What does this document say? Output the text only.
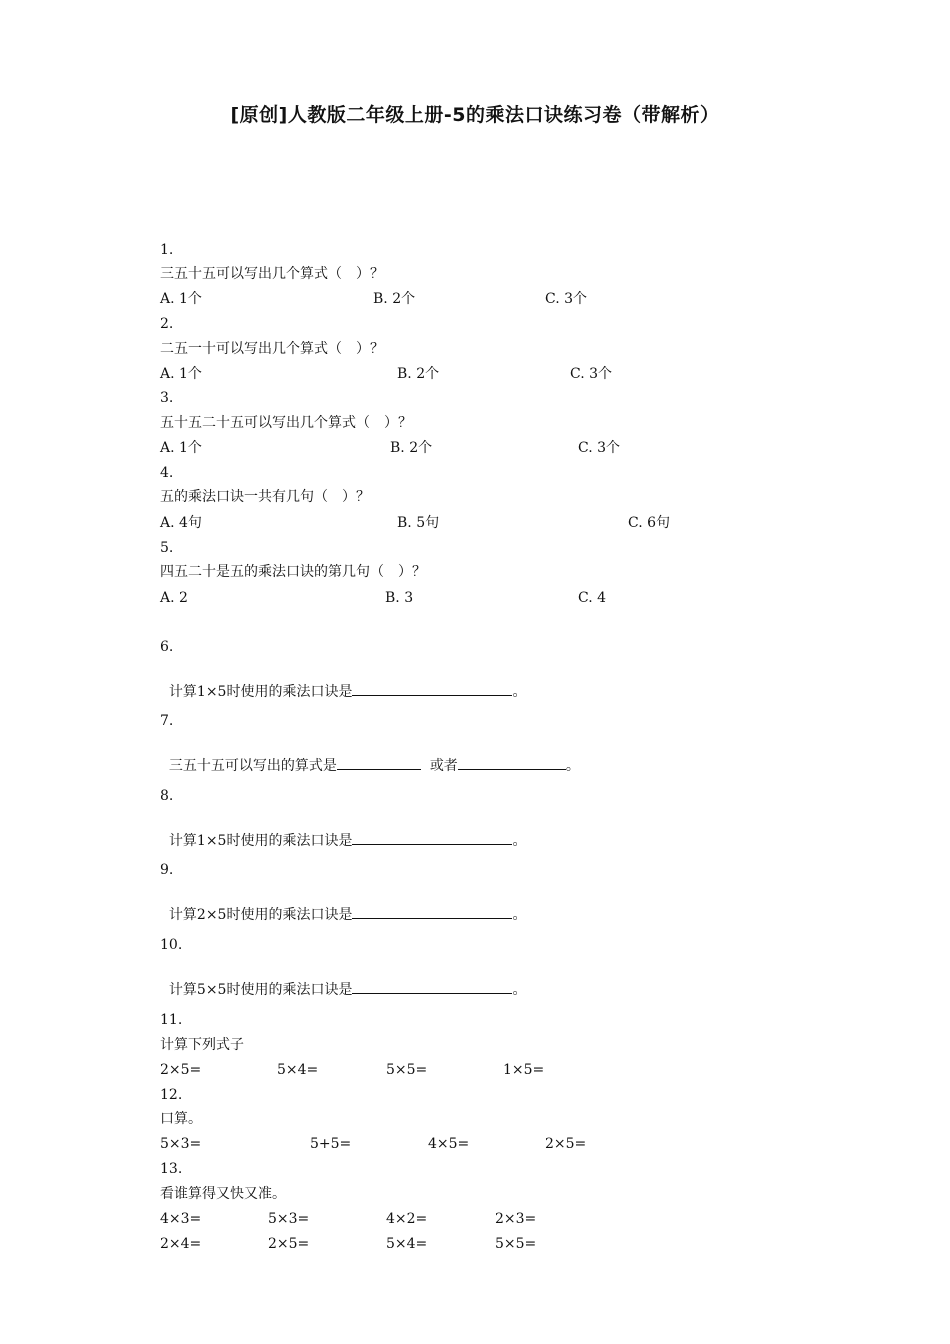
[原创]人教版二年级上册-5的乘法口诀练习卷（带解析）
1.
三五十五可以写出几个算式（　）？
A. 1个	B. 2个	C. 3个
2.
二五一十可以写出几个算式（　）？
A. 1个	B. 2个	C. 3个
3.
五十五二十五可以写出几个算式（　）？
A. 1个	B. 2个	C. 3个
4.
五的乘法口诀一共有几句（　）？
A. 4句	B. 5句	C. 6句
5.
四五二十是五的乘法口诀的第几句（　）？
A. 2	B. 3	C. 4
6.

计算1×5时使用的乘法口诀是	。

7.

三五十五可以写出的算式是	或者	。

8.

计算1×5时使用的乘法口诀是	。

9.

计算2×5时使用的乘法口诀是	。

10.

计算5×5时使用的乘法口诀是	。

11.
计算下列式子
2×5=	5×4=	5×5=	1×5=
12.
口算。
5×3=	5+5=	4×5=	2×5=
13.
看谁算得又快又准。
4×3=	5×3=	4×2=	2×3=
2×4=	2×5=	5×4=	5×5=
